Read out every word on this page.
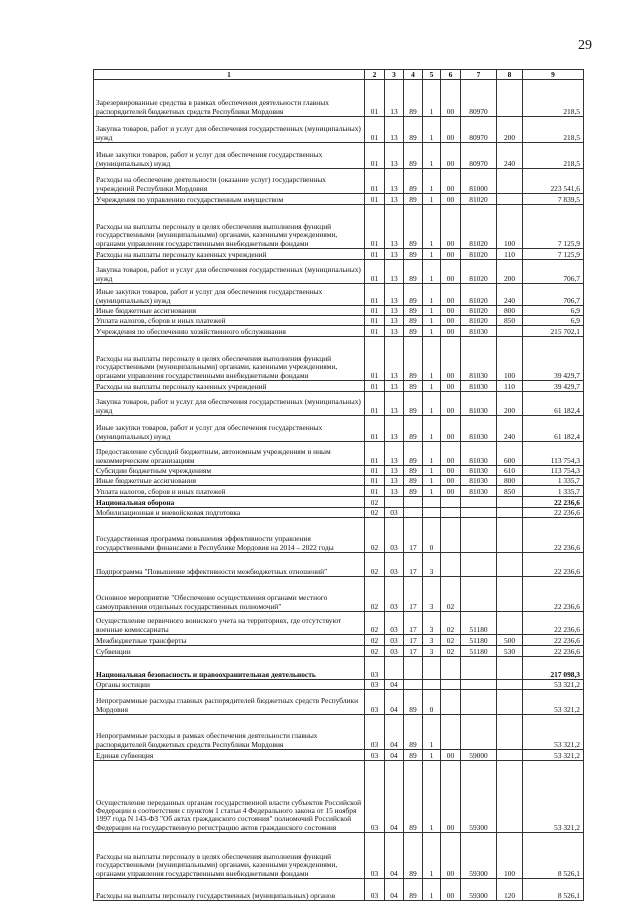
29
1	2	3	4	5	6	7	8	9
Зарезервированные средства в рамках обеспечения деятельности главных распорядителей бюджетных средств Республики Мордовия	01	13	89	1	00	80970		218,5
Закупка товаров, работ и услуг для обеспечения государственных (муниципальных) нужд	01	13	89	1	00	80970	200	218,5
Иные закупки товаров, работ и услуг для обеспечения государственных (муниципальных) нужд	01	13	89	1	00	80970	240	218,5
Расходы на обеспечение деятельности (оказание услуг) государственных учреждений Республики Мордовия	01	13	89	1	00	81000		223 541,6
Учреждения по управлению государственным имуществом	01	13	89	1	00	81020		7 839,5
Расходы на выплаты персоналу в целях обеспечения выполнения функций государственными (муниципальными) органами, казенными учреждениями, органами управления государственными внебюджетными фондами	01	13	89	1	00	81020	100	7 125,9
Расходы на выплаты персоналу казенных учреждений	01	13	89	1	00	81020	110	7 125,9
Закупка товаров, работ и услуг для обеспечения государственных (муниципальных) нужд	01	13	89	1	00	81020	200	706,7
Иные закупки товаров, работ и услуг для обеспечения государственных (муниципальных) нужд	01	13	89	1	00	81020	240	706,7
Иные бюджетные ассигнования	01	13	89	1	00	81020	800	6,9
Уплата налогов, сборов и иных платежей	01	13	89	1	00	81020	850	6,9
Учреждения по обеспечению хозяйственного обслуживания	01	13	89	1	00	81030		215 702,1
Расходы на выплаты персоналу в целях обеспечения выполнения функций государственными (муниципальными) органами, казенными учреждениями, органами управления государственными внебюджетными фондами	01	13	89	1	00	81030	100	39 429,7
Расходы на выплаты персоналу казенных учреждений	01	13	89	1	00	81030	110	39 429,7
Закупка товаров, работ и услуг для обеспечения государственных (муниципальных) нужд	01	13	89	1	00	81030	200	61 182,4
Иные закупки товаров, работ и услуг для обеспечения государственных (муниципальных) нужд	01	13	89	1	00	81030	240	61 182,4
Предоставление субсидий бюджетным, автономным учреждениям и иным некоммерческим организациям	01	13	89	1	00	81030	600	113 754,3
Субсидии бюджетным учреждениям	01	13	89	1	00	81030	610	113 754,3
Иные бюджетные ассигнования	01	13	89	1	00	81030	800	1 335,7
Уплата налогов, сборов и иных платежей	01	13	89	1	00	81030	850	1 335,7
Национальная оборона	02							22 236,6
Мобилизационная и вневойсковая подготовка	02	03						22 236,6
Государственная программа повышения эффективности управления государственными финансами в Республике Мордовия на 2014 – 2022 годы	02	03	17	0				22 236,6
Подпрограмма "Повышение эффективности межбюджетных отношений"	02	03	17	3				22 236,6
Основное мероприятие "Обеспечение осуществления органами местного самоуправления отдельных государственных полномочий"	02	03	17	3	02			22 236,6
Осуществление первичного воинского учета на территориях, где отсутствуют военные комиссариаты	02	03	17	3	02	51180		22 236,6
Межбюджетные трансферты	02	03	17	3	02	51180	500	22 236,6
Субвенции	02	03	17	3	02	51180	530	22 236,6
Национальная безопасность и правоохранительная деятельность	03							217 098,3
Органы юстиции	03	04						53 321,2
Непрограммные расходы главных распорядителей бюджетных средств Республики Мордовия	03	04	89	0				53 321,2
Непрограммные расходы в рамках обеспечения деятельности главных распорядителей бюджетных средств Республики Мордовия	03	04	89	1				53 321,2
Единая субвенция	03	04	89	1	00	59000		53 321,2
Осуществление переданных органам государственной власти субъектов Российской Федерации в соответствии с пунктом 1 статьи 4 Федерального закона от 15 ноября 1997 года N 143-ФЗ "Об актах гражданского состояния" полномочий Российской Федерации на государственную регистрацию актов гражданского состояния	03	04	89	1	00	59300		53 321,2
Расходы на выплаты персоналу в целях обеспечения выполнения функций государственными (муниципальными) органами, казенными учреждениями, органами управления государственными внебюджетными фондами	03	04	89	1	00	59300	100	8 526,1
Расходы на выплаты персоналу государственных (муниципальных) органов	03	04	89	1	00	59300	120	8 526,1
